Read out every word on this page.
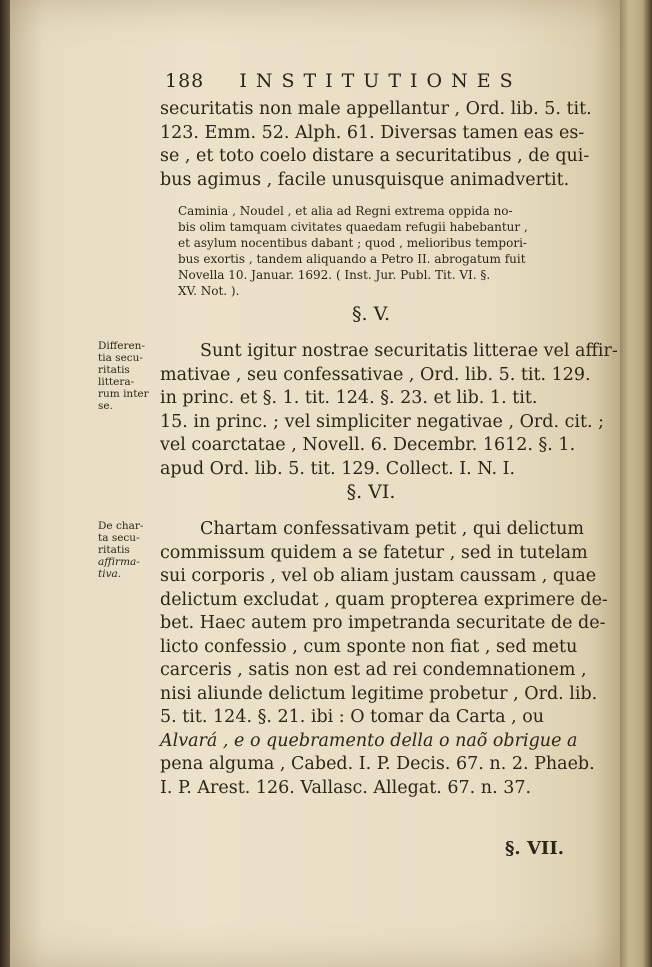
188 INSTITUTIONES
securitatis non male appellantur , Ord. lib. 5. tit.
123. Emm. 52. Alph. 61. Diversas tamen eas es-
se , et toto coelo distare a securitatibus , de qui-
bus agimus , facile unusquisque animadvertit.
Caminia , Noudel , et alia ad Regni extrema oppida no-
bis olim tamquam civitates quaedam refugii habebantur ,
et asylum nocentibus dabant ; quod , melioribus tempori-
bus exortis , tandem aliquando a Petro II. abrogatum fuit
Novella 10. Januar. 1692. ( Inst. Jur. Publ. Tit. VI. §.
XV. Not. ).
§. V.
Differen-
tia secu-
ritatis
littera-
rum inter
se.
Sunt igitur nostrae securitatis litterae vel affir-
mativae , seu confessativae , Ord. lib. 5. tit. 129.
in princ. et §. 1. tit. 124. §. 23. et lib. 1. tit.
15. in princ. ; vel simpliciter negativae , Ord. cit. ;
vel coarctatae , Novell. 6. Decembr. 1612. §. 1.
apud Ord. lib. 5. tit. 129. Collect. I. N. I.
§. VI.
De char-
ta secu-
ritatis
affirma-
tiva.
Chartam confessativam petit , qui delictum
commissum quidem a se fatetur , sed in tutelam
sui corporis , vel ob aliam justam caussam , quae
delictum excludat , quam propterea exprimere de-
bet. Haec autem pro impetranda securitate de de-
licto confessio , cum sponte non fiat , sed metu
carceris , satis non est ad rei condemnationem ,
nisi aliunde delictum legitime probetur , Ord. lib.
5. tit. 124. §. 21. ibi : O tomar da Carta , ou
Alvará , e o quebramento della o naõ obrigue a
pena alguma , Cabed. I. P. Decis. 67. n. 2. Phaeb.
I. P. Arest. 126. Vallasc. Allegat. 67. n. 37.
§. VII.
